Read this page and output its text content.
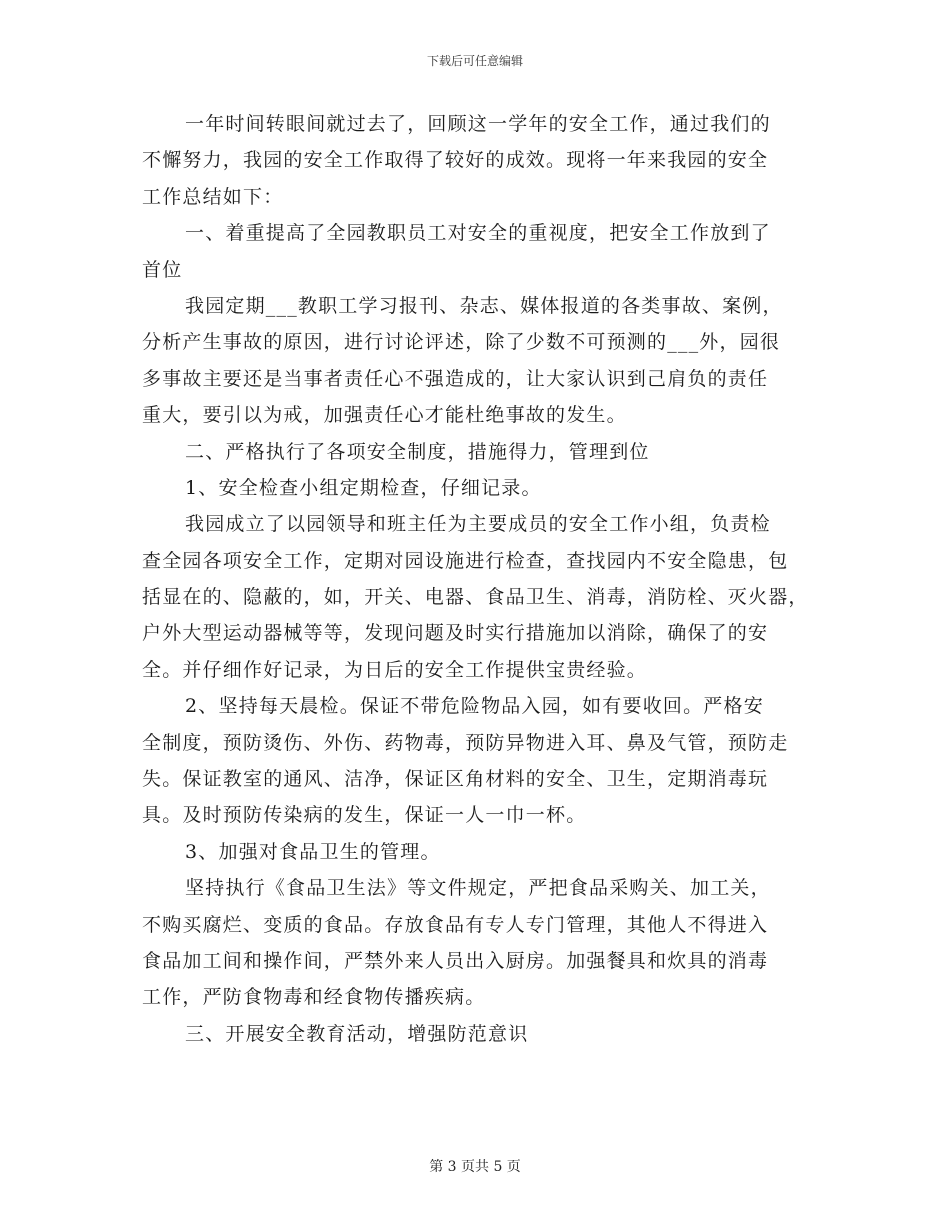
下载后可任意编辑
一年时间转眼间就过去了，回顾这一学年的安全工作，通过我们的
不懈努力，我园的安全工作取得了较好的成效。现将一年来我园的安全
工作总结如下：
一、着重提高了全园教职员工对安全的重视度，把安全工作放到了
首位
我园定期___教职工学习报刊、杂志、媒体报道的各类事故、案例，
分析产生事故的原因，进行讨论评述，除了少数不可预测的___外，园很
多事故主要还是当事者责任心不强造成的，让大家认识到己肩负的责任
重大，要引以为戒，加强责任心才能杜绝事故的发生。
二、严格执行了各项安全制度，措施得力，管理到位
1、安全检查小组定期检查，仔细记录。
我园成立了以园领导和班主任为主要成员的安全工作小组，负责检
查全园各项安全工作，定期对园设施进行检查，查找园内不安全隐患，包
括显在的、隐蔽的，如，开关、电器、食品卫生、消毒，消防栓、灭火器，
户外大型运动器械等等，发现问题及时实行措施加以消除，确保了的安
全。并仔细作好记录，为日后的安全工作提供宝贵经验。
2、坚持每天晨检。保证不带危险物品入园，如有要收回。严格安
全制度，预防烫伤、外伤、药物毒，预防异物进入耳、鼻及气管，预防走
失。保证教室的通风、洁净，保证区角材料的安全、卫生，定期消毒玩
具。及时预防传染病的发生，保证一人一巾一杯。
3、加强对食品卫生的管理。
坚持执行《食品卫生法》等文件规定，严把食品采购关、加工关，
不购买腐烂、变质的食品。存放食品有专人专门管理，其他人不得进入
食品加工间和操作间，严禁外来人员出入厨房。加强餐具和炊具的消毒
工作，严防食物毒和经食物传播疾病。
三、开展安全教育活动，增强防范意识
第 3 页共 5 页
